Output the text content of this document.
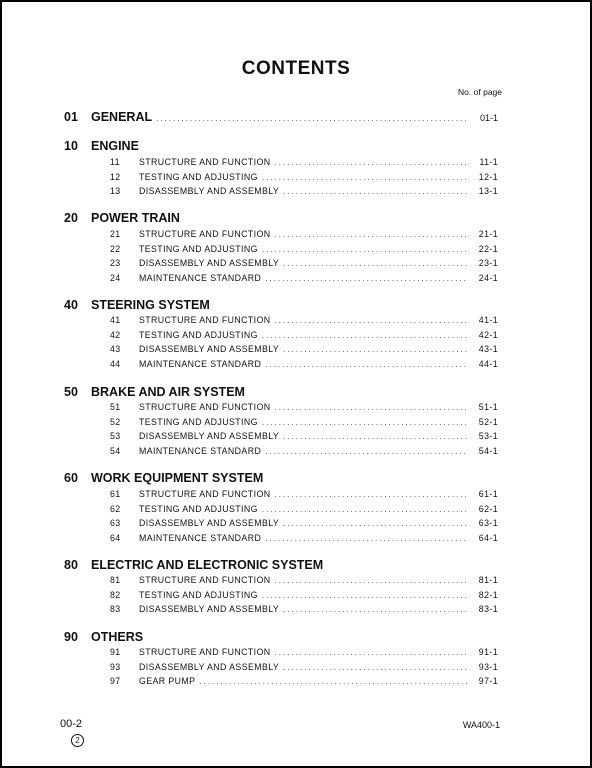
CONTENTS
No. of page
01	GENERAL .....	01-1
10	ENGINE
11	STRUCTURE AND FUNCTION .....	11-1
12	TESTING AND ADJUSTING .....	12-1
13	DISASSEMBLY AND ASSEMBLY .....	13-1
20	POWER TRAIN
21	STRUCTURE AND FUNCTION .....	21-1
22	TESTING AND ADJUSTING .....	22-1
23	DISASSEMBLY AND ASSEMBLY .....	23-1
24	MAINTENANCE STANDARD .....	24-1
40	STEERING SYSTEM
41	STRUCTURE AND FUNCTION .....	41-1
42	TESTING AND ADJUSTING .....	42-1
43	DISASSEMBLY AND ASSEMBLY .....	43-1
44	MAINTENANCE STANDARD .....	44-1
50	BRAKE AND AIR SYSTEM
51	STRUCTURE AND FUNCTION .....	51-1
52	TESTING AND ADJUSTING .....	52-1
53	DISASSEMBLY AND ASSEMBLY .....	53-1
54	MAINTENANCE STANDARD .....	54-1
60	WORK EQUIPMENT SYSTEM
61	STRUCTURE AND FUNCTION .....	61-1
62	TESTING AND ADJUSTING .....	62-1
63	DISASSEMBLY AND ASSEMBLY .....	63-1
64	MAINTENANCE STANDARD .....	64-1
80	ELECTRIC AND ELECTRONIC SYSTEM
81	STRUCTURE AND FUNCTION .....	81-1
82	TESTING AND ADJUSTING .....	82-1
83	DISASSEMBLY AND ASSEMBLY .....	83-1
90	OTHERS
91	STRUCTURE AND FUNCTION .....	91-1
93	DISASSEMBLY AND ASSEMBLY .....	93-1
97	GEAR PUMP .....	97-1
00-2
2
WA400-1
